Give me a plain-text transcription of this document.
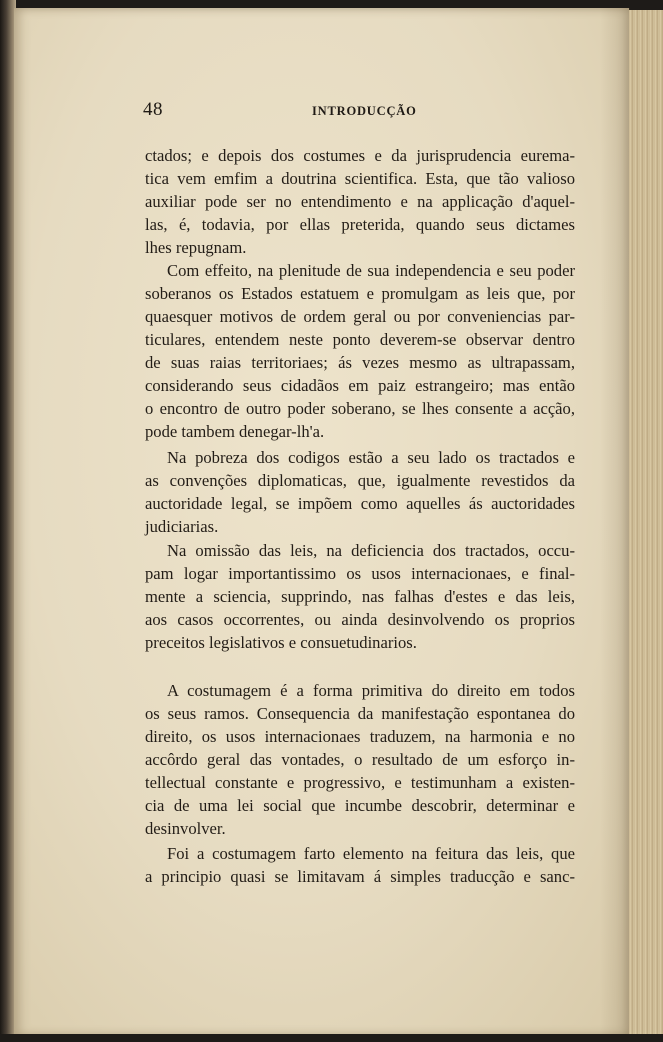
48	INTRODUCÇÃO
ctados; e depois dos costumes e da jurisprudencia eurema-
tica vem emfim a doutrina scientifica. Esta, que tão valioso
auxiliar pode ser no entendimento e na applicação d'aquel-
las, é, todavia, por ellas preterida, quando seus dictames
lhes repugnam.
Com effeito, na plenitude de sua independencia e seu poder
soberanos os Estados estatuem e promulgam as leis que, por
quaesquer motivos de ordem geral ou por conveniencias par-
ticulares, entendem neste ponto deverem-se observar dentro
de suas raias territoriaes; ás vezes mesmo as ultrapassam,
considerando seus cidadãos em paiz estrangeiro; mas então
o encontro de outro poder soberano, se lhes consente a acção,
pode tambem denegar-lh'a.
Na pobreza dos codigos estão a seu lado os tractados e
as convenções diplomaticas, que, igualmente revestidos da
auctoridade legal, se impõem como aquelles ás auctoridades
judiciarias.
Na omissão das leis, na deficiencia dos tractados, occu-
pam logar importantissimo os usos internacionaes, e final-
mente a sciencia, supprindo, nas falhas d'estes e das leis,
aos casos occorrentes, ou ainda desinvolvendo os proprios
preceitos legislativos e consuetudinarios.
A costumagem é a forma primitiva do direito em todos
os seus ramos. Consequencia da manifestação espontanea do
direito, os usos internacionaes traduzem, na harmonia e no
accôrdo geral das vontades, o resultado de um esforço in-
tellectual constante e progressivo, e testimunham a existen-
cia de uma lei social que incumbe descobrir, determinar e
desinvolver.
Foi a costumagem farto elemento na feitura das leis, que
a principio quasi se limitavam á simples traducção e sanc-
